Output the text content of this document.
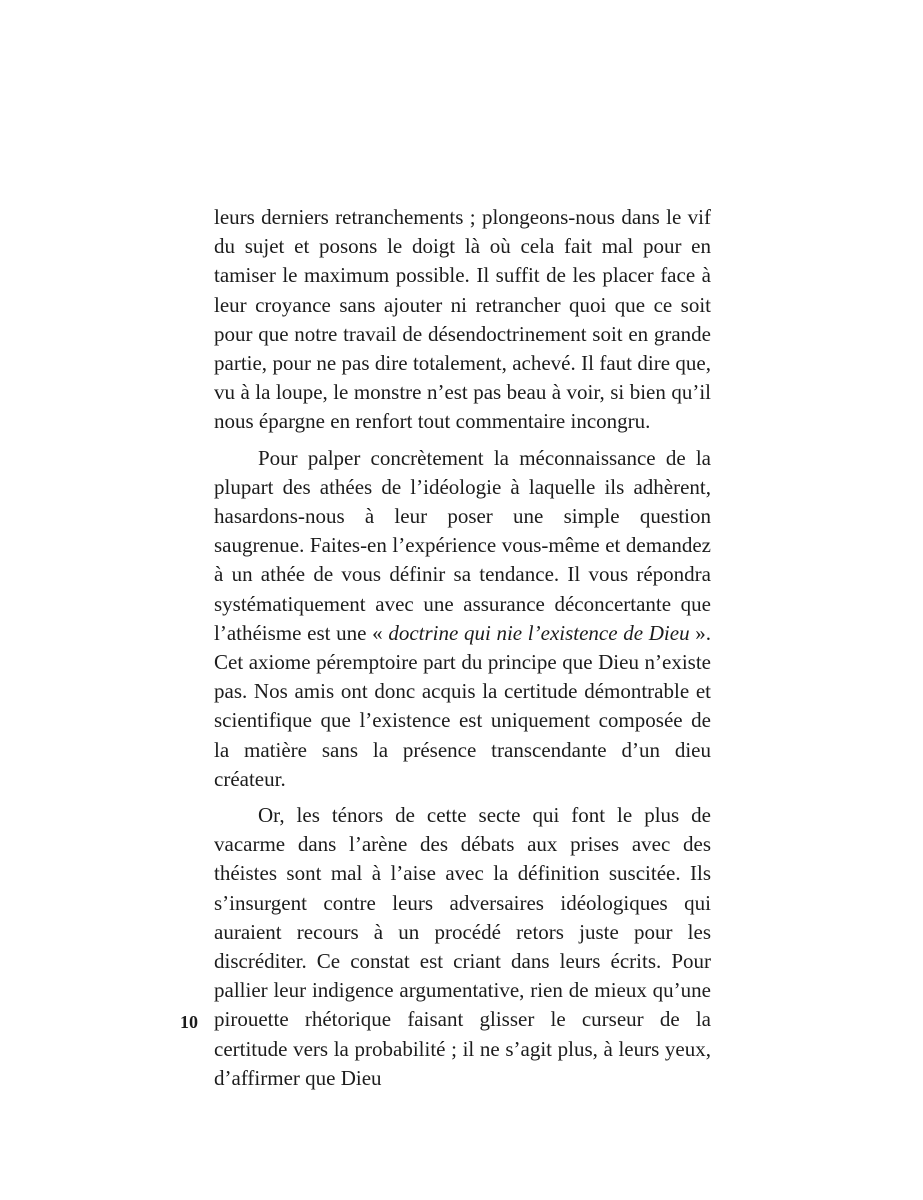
leurs derniers retranchements ; plongeons-nous dans le vif du sujet et posons le doigt là où cela fait mal pour en tamiser le maximum possible. Il suffit de les placer face à leur croyance sans ajouter ni retrancher quoi que ce soit pour que notre travail de désendoctrinement soit en grande partie, pour ne pas dire totalement, achevé. Il faut dire que, vu à la loupe, le monstre n’est pas beau à voir, si bien qu’il nous épargne en renfort tout commentaire incongru.

Pour palper concrètement la méconnaissance de la plupart des athées de l’idéologie à laquelle ils adhèrent, hasardons-nous à leur poser une simple question saugrenue. Faites-en l’expérience vous-même et demandez à un athée de vous définir sa tendance. Il vous répondra systématiquement avec une assurance déconcertante que l’athéisme est une « doctrine qui nie l’existence de Dieu ». Cet axiome péremptoire part du principe que Dieu n’existe pas. Nos amis ont donc acquis la certitude démontrable et scientifique que l’existence est uniquement composée de la matière sans la présence transcendante d’un dieu créateur.

Or, les ténors de cette secte qui font le plus de vacarme dans l’arène des débats aux prises avec des théistes sont mal à l’aise avec la définition suscitée. Ils s’insurgent contre leurs adversaires idéologiques qui auraient recours à un procédé retors juste pour les discréditer. Ce constat est criant dans leurs écrits. Pour pallier leur indigence argumentative, rien de mieux qu’une pirouette rhétorique faisant glisser le curseur de la certitude vers la probabilité ; il ne s’agit plus, à leurs yeux, d’affirmer que Dieu

10
